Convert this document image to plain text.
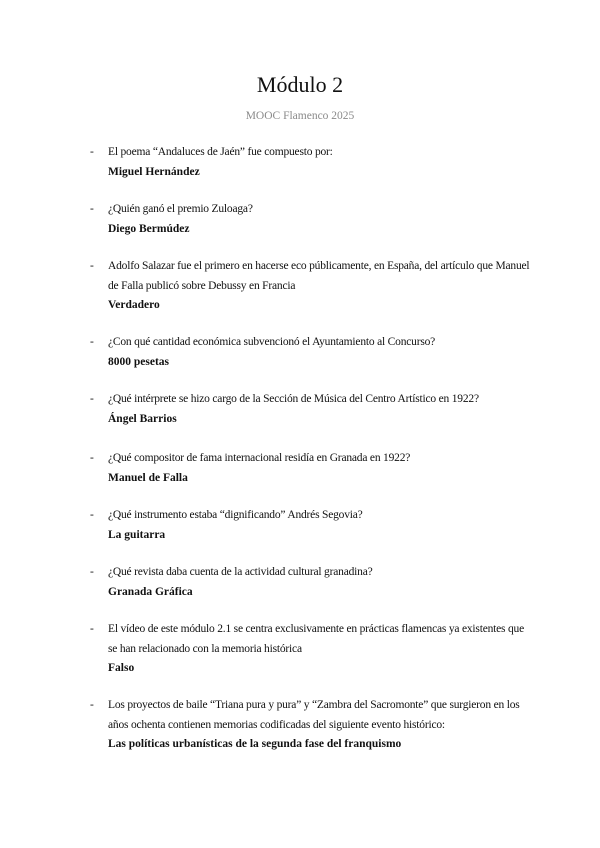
Módulo 2
MOOC Flamenco 2025
- El poema “Andaluces de Jaén” fue compuesto por:
Miguel Hernández
- ¿Quién ganó el premio Zuloaga?
Diego Bermúdez
- Adolfo Salazar fue el primero en hacerse eco públicamente, en España, del artículo que Manuel de Falla publicó sobre Debussy en Francia
Verdadero
- ¿Con qué cantidad económica subvencionó el Ayuntamiento al Concurso?
8000 pesetas
- ¿Qué intérprete se hizo cargo de la Sección de Música del Centro Artístico en 1922?
Ángel Barrios
- ¿Qué compositor de fama internacional residía en Granada en 1922?
Manuel de Falla
- ¿Qué instrumento estaba “dignificando” Andrés Segovia?
La guitarra
- ¿Qué revista daba cuenta de la actividad cultural granadina?
Granada Gráfica
- El vídeo de este módulo 2.1 se centra exclusivamente en prácticas flamencas ya existentes que se han relacionado con la memoria histórica
Falso
- Los proyectos de baile “Triana pura y pura” y “Zambra del Sacromonte” que surgieron en los años ochenta contienen memorias codificadas del siguiente evento histórico:
Las políticas urbanísticas de la segunda fase del franquismo
